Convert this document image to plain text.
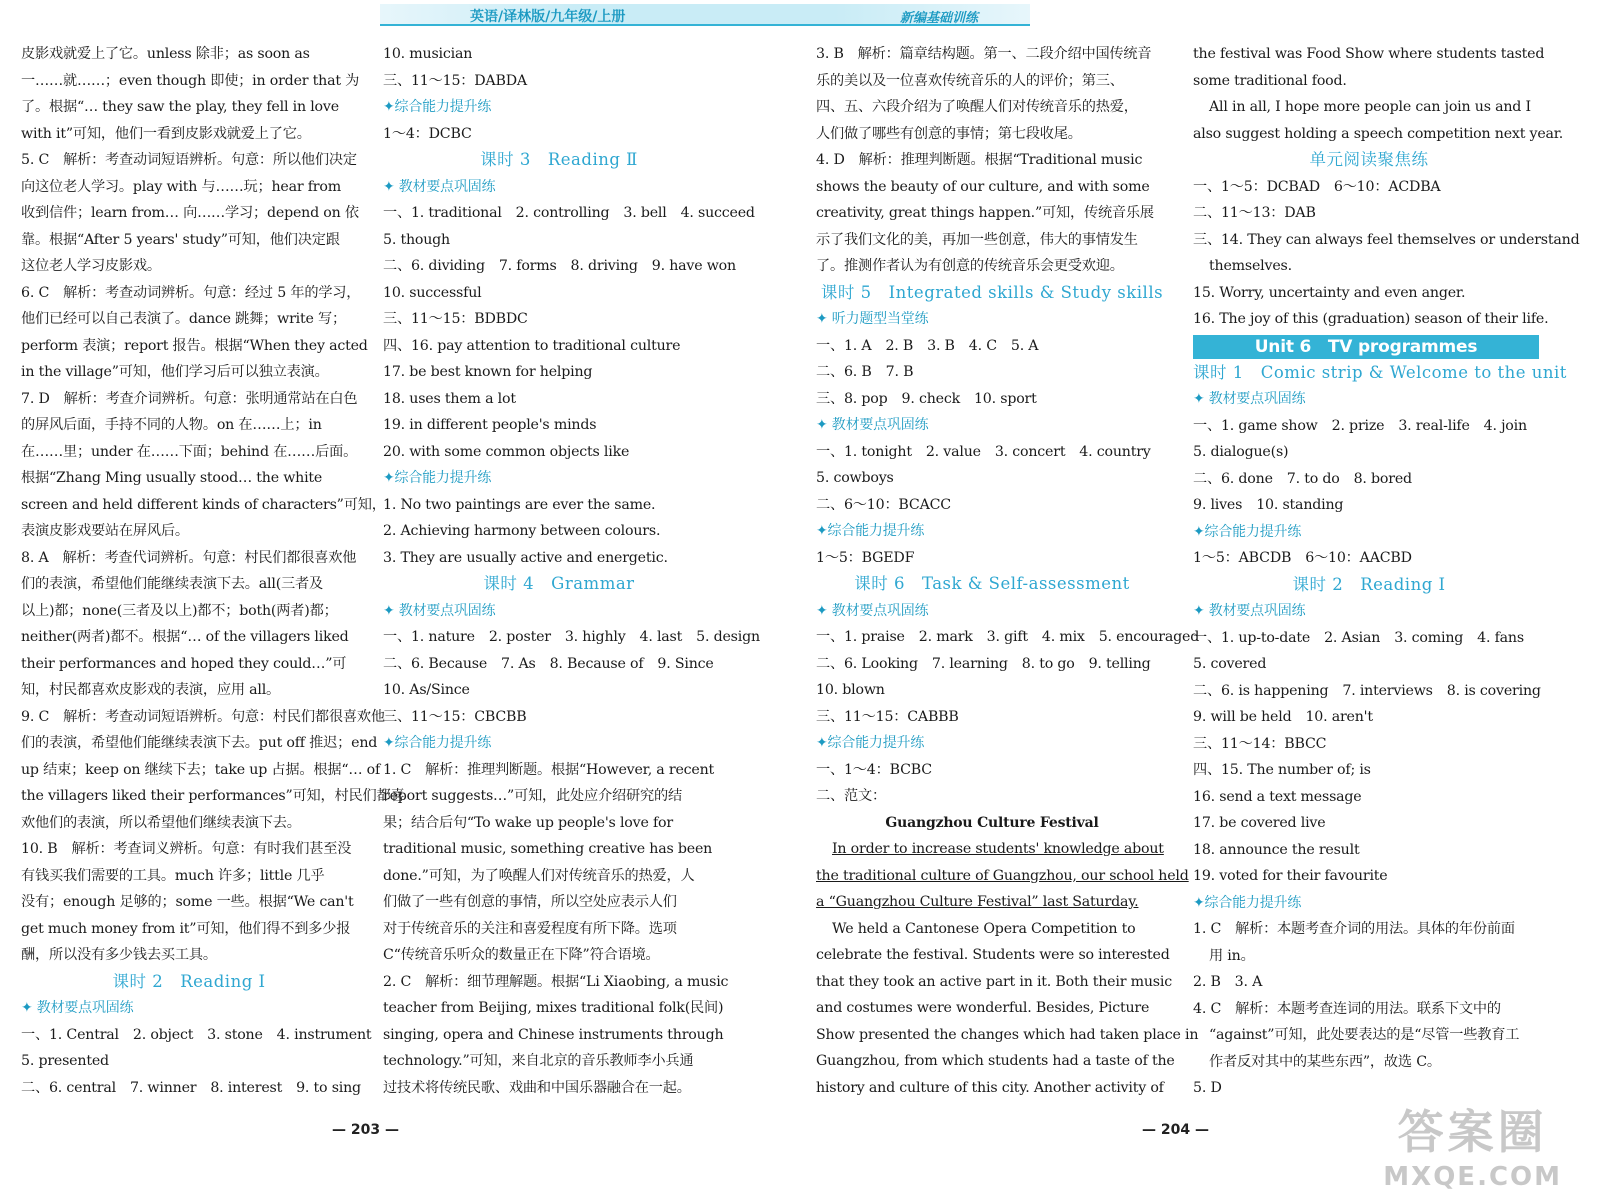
英语/译林版/九年级/上册	新编基础训练
皮影戏就爱上了它。unless 除非；as soon as
一……就……；even though 即使；in order that 为
了。根据“… they saw the play, they fell in love
with it”可知，他们一看到皮影戏就爱上了它。
5. C　解析：考查动词短语辨析。句意：所以他们决定
向这位老人学习。play with 与……玩；hear from
收到信件；learn from… 向……学习；depend on 依
靠。根据“After 5 years' study”可知，他们决定跟
这位老人学习皮影戏。
6. C　解析：考查动词辨析。句意：经过 5 年的学习，
他们已经可以自己表演了。dance 跳舞；write 写；
perform 表演；report 报告。根据“When they acted
in the village”可知，他们学习后可以独立表演。
7. D　解析：考查介词辨析。句意：张明通常站在白色
的屏风后面，手持不同的人物。on 在……上；in
在……里；under 在……下面；behind 在……后面。
根据“Zhang Ming usually stood… the white
screen and held different kinds of characters”可知，
表演皮影戏要站在屏风后。
8. A　解析：考查代词辨析。句意：村民们都很喜欢他
们的表演，希望他们能继续表演下去。all(三者及
以上)都；none(三者及以上)都不；both(两者)都；
neither(两者)都不。根据“… of the villagers liked
their performances and hoped they could…”可
知，村民都喜欢皮影戏的表演，应用 all。
9. C　解析：考查动词短语辨析。句意：村民们都很喜欢他
们的表演，希望他们能继续表演下去。put off 推迟；end
up 结束；keep on 继续下去；take up 占据。根据“… of
the villagers liked their performances”可知，村民们都喜
欢他们的表演，所以希望他们继续表演下去。
10. B　解析：考查词义辨析。句意：有时我们甚至没
有钱买我们需要的工具。much 许多；little 几乎
没有；enough 足够的；some 一些。根据“We can't
get much money from it”可知，他们得不到多少报
酬，所以没有多少钱去买工具。
课时 2　Reading Ⅰ
✦ 教材要点巩固练
一、1. Central　2. object　3. stone　4. instrument
5. presented
二、6. central　7. winner　8. interest　9. to sing
10. musician
三、11～15：DABDA
✦综合能力提升练
1～4：DCBC
课时 3　Reading Ⅱ
✦ 教材要点巩固练
一、1. traditional　2. controlling　3. bell　4. succeed
5. though
二、6. dividing　7. forms　8. driving　9. have won
10. successful
三、11～15：BDBDC
四、16. pay attention to traditional culture
17. be best known for helping
18. uses them a lot
19. in different people's minds
20. with some common objects like
✦综合能力提升练
1. No two paintings are ever the same.
2. Achieving harmony between colours.
3. They are usually active and energetic.
课时 4　Grammar
✦ 教材要点巩固练
一、1. nature　2. poster　3. highly　4. last　5. design
二、6. Because　7. As　8. Because of　9. Since
10. As/Since
三、11～15：CBCBB
✦综合能力提升练
1. C　解析：推理判断题。根据“However, a recent
report suggests…”可知，此处应介绍研究的结
果；结合后句“To wake up people's love for
traditional music, something creative has been
done.”可知，为了唤醒人们对传统音乐的热爱，人
们做了一些有创意的事情，所以空处应表示人们
对于传统音乐的关注和喜爱程度有所下降。选项
C“传统音乐听众的数量正在下降”符合语境。
2. C　解析：细节理解题。根据“Li Xiaobing, a music
teacher from Beijing, mixes traditional folk(民间)
singing, opera and Chinese instruments through
technology.”可知，来自北京的音乐教师李小兵通
过技术将传统民歌、戏曲和中国乐器融合在一起。
3. B　解析：篇章结构题。第一、二段介绍中国传统音
乐的美以及一位喜欢传统音乐的人的评价；第三、
四、五、六段介绍为了唤醒人们对传统音乐的热爱，
人们做了哪些有创意的事情；第七段收尾。
4. D　解析：推理判断题。根据“Traditional music
shows the beauty of our culture, and with some
creativity, great things happen.”可知，传统音乐展
示了我们文化的美，再加一些创意，伟大的事情发生
了。推测作者认为有创意的传统音乐会更受欢迎。
课时 5　Integrated skills & Study skills
✦ 听力题型当堂练
一、1. A　2. B　3. B　4. C　5. A
二、6. B　7. B
三、8. pop　9. check　10. sport
✦ 教材要点巩固练
一、1. tonight　2. value　3. concert　4. country
5. cowboys
二、6～10：BCACC
✦综合能力提升练
1～5：BGEDF
课时 6　Task & Self-assessment
✦ 教材要点巩固练
一、1. praise　2. mark　3. gift　4. mix　5. encouraged
二、6. Looking　7. learning　8. to go　9. telling
10. blown
三、11～15：CABBB
✦综合能力提升练
一、1～4：BCBC
二、范文：
Guangzhou Culture Festival
In order to increase students' knowledge about
the traditional culture of Guangzhou, our school held
a “Guangzhou Culture Festival” last Saturday.
We held a Cantonese Opera Competition to
celebrate the festival. Students were so interested
that they took an active part in it. Both their music
and costumes were wonderful. Besides, Picture
Show presented the changes which had taken place in
Guangzhou, from which students had a taste of the
history and culture of this city. Another activity of
the festival was Food Show where students tasted
some traditional food.
All in all, I hope more people can join us and I
also suggest holding a speech competition next year.
单元阅读聚焦练
一、1～5：DCBAD　6～10：ACDBA
二、11～13：DAB
三、14. They can always feel themselves or understand
themselves.
15. Worry, uncertainty and even anger.
16. The joy of this (graduation) season of their life.
Unit 6　TV programmes
课时 1　Comic strip & Welcome to the unit
✦ 教材要点巩固练
一、1. game show　2. prize　3. real-life　4. join
5. dialogue(s)
二、6. done　7. to do　8. bored
9. lives　10. standing
✦综合能力提升练
1～5：ABCDB　6～10：AACBD
课时 2　Reading Ⅰ
✦ 教材要点巩固练
一、1. up-to-date　2. Asian　3. coming　4. fans
5. covered
二、6. is happening　7. interviews　8. is covering
9. will be held　10. aren't
三、11～14：BBCC
四、15. The number of; is
16. send a text message
17. be covered live
18. announce the result
19. voted for their favourite
✦综合能力提升练
1. C　解析：本题考查介词的用法。具体的年份前面
用 in。
2. B　3. A
4. C　解析：本题考查连词的用法。联系下文中的
“against”可知，此处要表达的是“尽管一些教育工
作者反对其中的某些东西”，故选 C。
5. D
— 203 —	— 204 —	答案圈
MXQE.COM
